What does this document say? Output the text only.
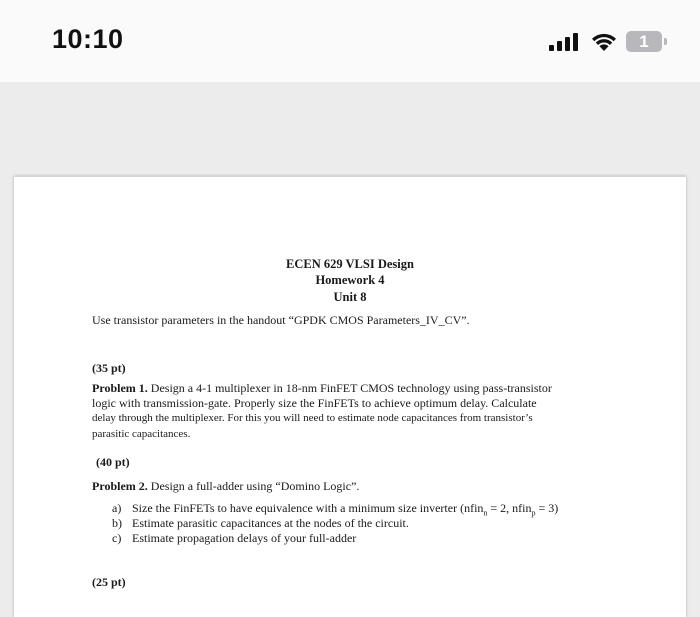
10:10	1
ECEN 629 VLSI Design
Homework 4
Unit 8
Use transistor parameters in the handout “GPDK CMOS Parameters_IV_CV”.
(35 pt)
Problem 1. Design a 4-1 multiplexer in 18-nm FinFET CMOS technology using pass-transistor
logic with transmission-gate. Properly size the FinFETs to achieve optimum delay. Calculate
delay through the multiplexer. For this you will need to estimate node capacitances from transistor’s
parasitic capacitances.
(40 pt)
Problem 2. Design a full-adder using “Domino Logic”.
a) Size the FinFETs to have equivalence with a minimum size inverter (nfin$_n$ = 2, nfin$_p$ = 3)
b) Estimate parasitic capacitances at the nodes of the circuit.
c) Estimate propagation delays of your full-adder
(25 pt)
